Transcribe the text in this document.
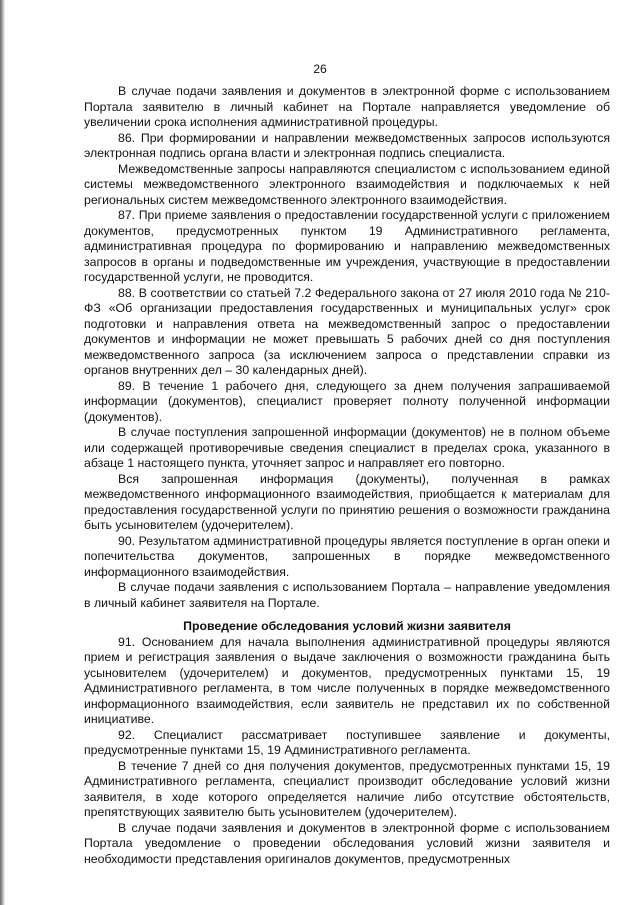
26

В случае подачи заявления и документов в электронной форме с использованием Портала заявителю в личный кабинет на Портале направляется уведомление об увеличении срока исполнения административной процедуры.

86. При формировании и направлении межведомственных запросов используются электронная подпись органа власти и электронная подпись специалиста.

Межведомственные запросы направляются специалистом с использованием единой системы межведомственного электронного взаимодействия и подключаемых к ней региональных систем межведомственного электронного взаимодействия.

87. При приеме заявления о предоставлении государственной услуги с приложением документов, предусмотренных пунктом 19 Административного регламента, административная процедура по формированию и направлению межведомственных запросов в органы и подведомственные им учреждения, участвующие в предоставлении государственной услуги, не проводится.

88. В соответствии со статьей 7.2 Федерального закона от 27 июля 2010 года № 210-ФЗ «Об организации предоставления государственных и муниципальных услуг» срок подготовки и направления ответа на межведомственный запрос о предоставлении документов и информации не может превышать 5 рабочих дней со дня поступления межведомственного запроса (за исключением запроса о представлении справки из органов внутренних дел – 30 календарных дней).

89. В течение 1 рабочего дня, следующего за днем получения запрашиваемой информации (документов), специалист проверяет полноту полученной информации (документов).

В случае поступления запрошенной информации (документов) не в полном объеме или содержащей противоречивые сведения специалист в пределах срока, указанного в абзаце 1 настоящего пункта, уточняет запрос и направляет его повторно.

Вся запрошенная информация (документы), полученная в рамках межведомственного информационного взаимодействия, приобщается к материалам для предоставления государственной услуги по принятию решения о возможности гражданина быть усыновителем (удочерителем).

90. Результатом административной процедуры является поступление в орган опеки и попечительства документов, запрошенных в порядке межведомственного информационного взаимодействия.

В случае подачи заявления с использованием Портала – направление уведомления в личный кабинет заявителя на Портале.

Проведение обследования условий жизни заявителя

91. Основанием для начала выполнения административной процедуры являются прием и регистрация заявления о выдаче заключения о возможности гражданина быть усыновителем (удочерителем) и документов, предусмотренных пунктами 15, 19 Административного регламента, в том числе полученных в порядке межведомственного информационного взаимодействия, если заявитель не представил их по собственной инициативе.

92. Специалист рассматривает поступившее заявление и документы, предусмотренные пунктами 15, 19 Административного регламента.

В течение 7 дней со дня получения документов, предусмотренных пунктами 15, 19 Административного регламента, специалист производит обследование условий жизни заявителя, в ходе которого определяется наличие либо отсутствие обстоятельств, препятствующих заявителю быть усыновителем (удочерителем).

В случае подачи заявления и документов в электронной форме с использованием Портала уведомление о проведении обследования условий жизни заявителя и необходимости представления оригиналов документов, предусмотренных
